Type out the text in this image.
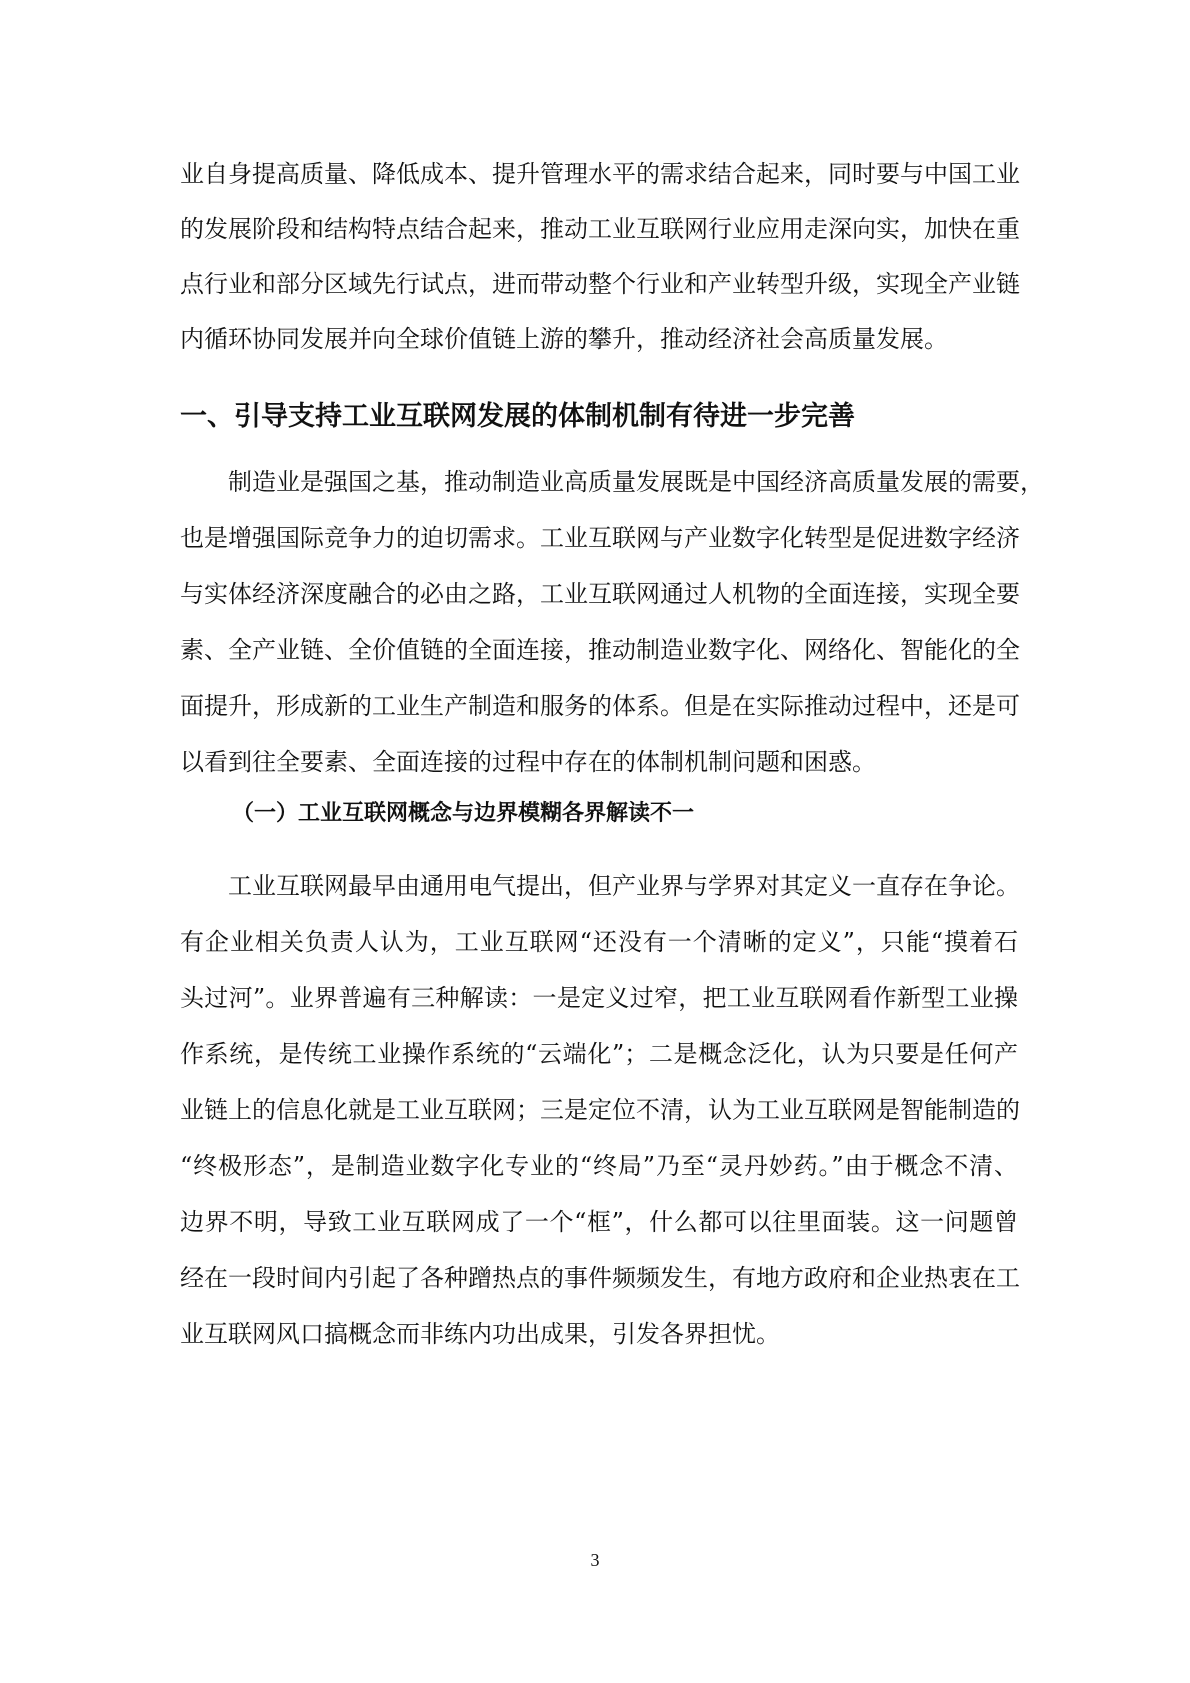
业自身提高质量、降低成本、提升管理水平的需求结合起来，同时要与中国工业
的发展阶段和结构特点结合起来，推动工业互联网行业应用走深向实，加快在重
点行业和部分区域先行试点，进而带动整个行业和产业转型升级，实现全产业链
内循环协同发展并向全球价值链上游的攀升，推动经济社会高质量发展。
一、引导支持工业互联网发展的体制机制有待进一步完善
制造业是强国之基，推动制造业高质量发展既是中国经济高质量发展的需要，
也是增强国际竞争力的迫切需求。工业互联网与产业数字化转型是促进数字经济
与实体经济深度融合的必由之路，工业互联网通过人机物的全面连接，实现全要
素、全产业链、全价值链的全面连接，推动制造业数字化、网络化、智能化的全
面提升，形成新的工业生产制造和服务的体系。但是在实际推动过程中，还是可
以看到往全要素、全面连接的过程中存在的体制机制问题和困惑。
（一）工业互联网概念与边界模糊各界解读不一
工业互联网最早由通用电气提出，但产业界与学界对其定义一直存在争论。
有企业相关负责人认为，工业互联网“还没有一个清晰的定义”，只能“摸着石
头过河”。业界普遍有三种解读：一是定义过窄，把工业互联网看作新型工业操
作系统，是传统工业操作系统的“云端化”；二是概念泛化，认为只要是任何产
业链上的信息化就是工业互联网；三是定位不清，认为工业互联网是智能制造的
“终极形态”，是制造业数字化专业的“终局”乃至“灵丹妙药。”由于概念不清、
边界不明，导致工业互联网成了一个“框”，什么都可以往里面装。这一问题曾
经在一段时间内引起了各种蹭热点的事件频频发生，有地方政府和企业热衷在工
业互联网风口搞概念而非练内功出成果，引发各界担忧。
3
